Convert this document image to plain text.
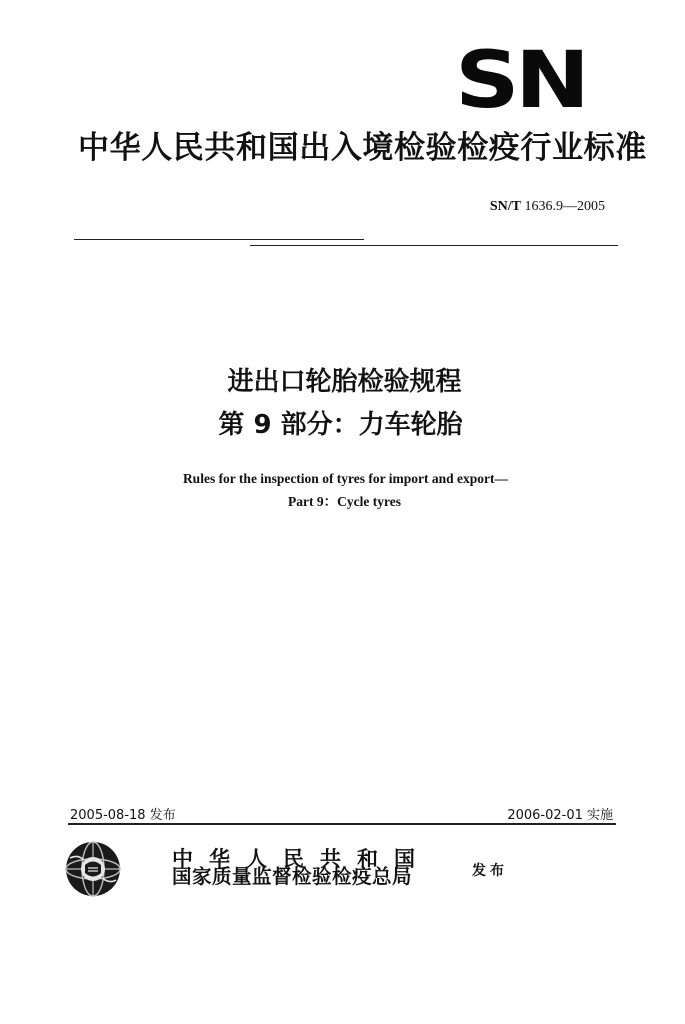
SN
中华人民共和国出入境检验检疫行业标准
SN/T 1636.9—2005
进出口轮胎检验规程
第 9 部分：力车轮胎
Rules for the inspection of tyres for import and export—
Part 9：Cycle tyres
2005-08-18 发布	2006-02-01 实施
中华人民共和国
国家质量监督检验检疫总局	发布
